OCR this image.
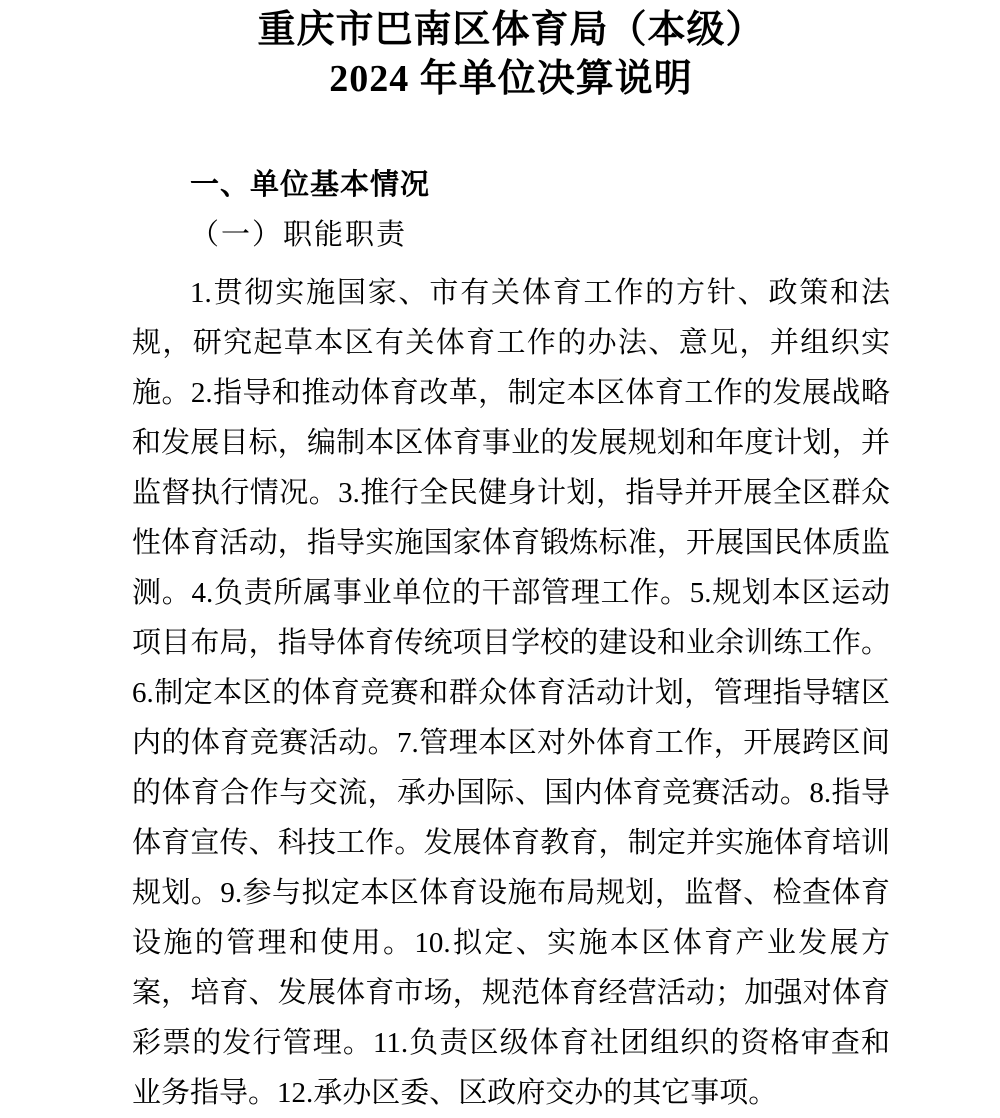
重庆市巴南区体育局（本级）
2024 年单位决算说明
一、单位基本情况
（一）职能职责

1.贯彻实施国家、市有关体育工作的方针、政策和法规，研究起草本区有关体育工作的办法、意见，并组织实施。2.指导和推动体育改革，制定本区体育工作的发展战略和发展目标，编制本区体育事业的发展规划和年度计划，并监督执行情况。3.推行全民健身计划，指导并开展全区群众性体育活动，指导实施国家体育锻炼标准，开展国民体质监测。4.负责所属事业单位的干部管理工作。5.规划本区运动项目布局，指导体育传统项目学校的建设和业余训练工作。6.制定本区的体育竞赛和群众体育活动计划，管理指导辖区内的体育竞赛活动。7.管理本区对外体育工作，开展跨区间的体育合作与交流，承办国际、国内体育竞赛活动。8.指导体育宣传、科技工作。发展体育教育，制定并实施体育培训规划。9.参与拟定本区体育设施布局规划，监督、检查体育设施的管理和使用。10.拟定、实施本区体育产业发展方案，培育、发展体育市场，规范体育经营活动；加强对体育彩票的发行管理。11.负责区级体育社团组织的资格审查和业务指导。12.承办区委、区政府交办的其它事项。
